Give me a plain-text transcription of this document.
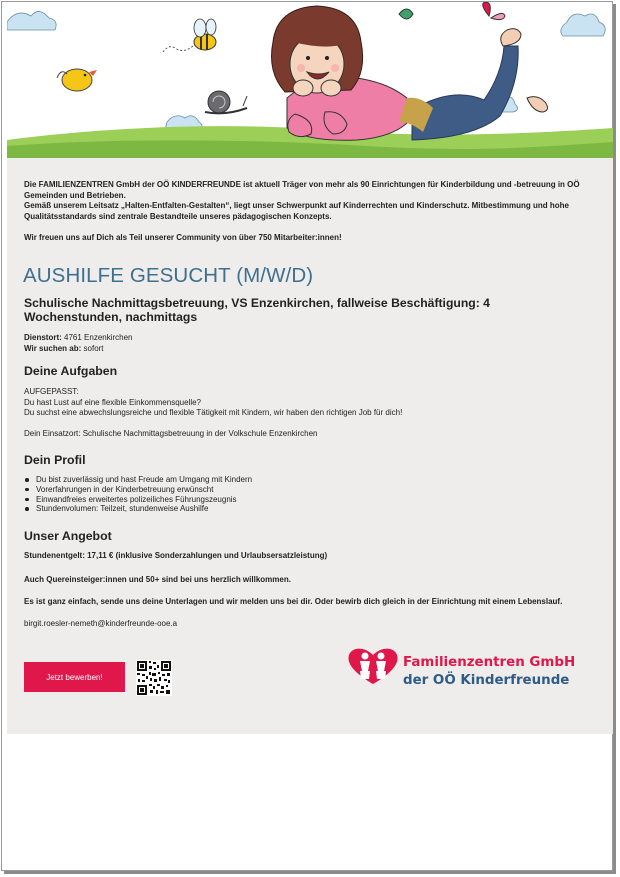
Die FAMILIENZENTREN GmbH der OÖ KINDERFREUNDE ist aktuell Träger von mehr als 90 Einrichtungen für Kinderbildung und -betreuung in OÖ Gemeinden und Betrieben.

Gemäß unserem Leitsatz „Halten-Entfalten-Gestalten“, liegt unser Schwerpunkt auf Kinderrechten und Kinderschutz. Mitbestimmung und hohe Qualitätsstandards sind zentrale Bestandteile unseres pädagogischen Konzepts.

Wir freuen uns auf Dich als Teil unserer Community von über 750 Mitarbeiter:innen!

AUSHILFE GESUCHT (M/W/D)
Schulische Nachmittagsbetreuung, VS Enzenkirchen, fallweise Beschäftigung: 4 Wochenstunden, nachmittags
Dienstort: 4761 Enzenkirchen
Wir suchen ab: sofort
Deine Aufgaben

AUFGEPASST:

Du hast Lust auf eine flexible Einkommensquelle?

Du suchst eine abwechslungsreiche und flexible Tätigkeit mit Kindern, wir haben den richtigen Job für dich!

Dein Einsatzort: Schulische Nachmittagsbetreuung in der Volkschule Enzenkirchen

Dein Profil
Du bist zuverlässig und hast Freude am Umgang mit Kindern
Vorerfahrungen in der Kinderbetreuung erwünscht
Einwandfreies erweitertes polizeiliches Führungszeugnis
Stundenvolumen: Teilzeit, stundenweise Aushilfe
Unser Angebot
Stundenentgelt: 17,11 € (inklusive Sonderzahlungen und Urlaubsersatzleistung)
Auch Quereinsteiger:innen und 50+ sind bei uns herzlich willkommen.
Es ist ganz einfach, sende uns deine Unterlagen und wir melden uns bei dir. Oder bewirb dich gleich in der Einrichtung mit einem Lebenslauf.
birgit.roesler-nemeth@kinderfreunde-ooe.a
Jetzt bewerben!
Familienzentren GmbH
der OÖ Kinderfreunde
